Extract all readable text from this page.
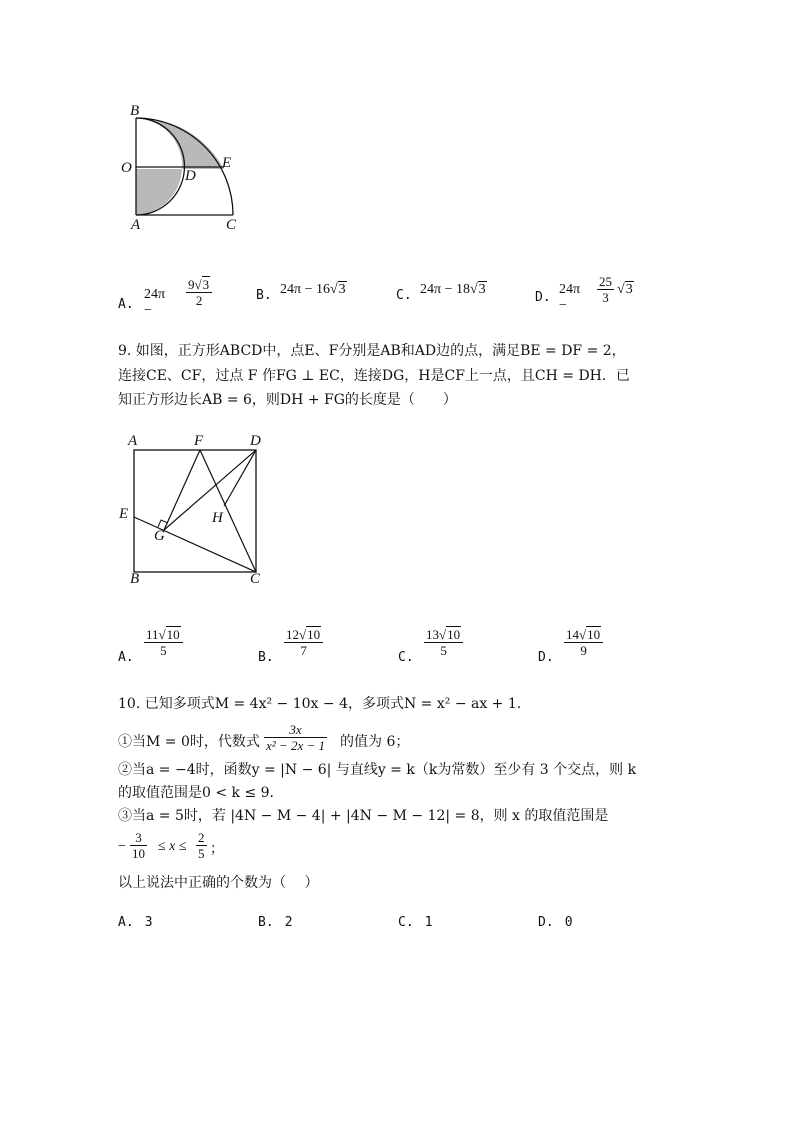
B
O
A	C
E
D
A.
24π −
$\frac{9√3}{2}$	B. 24π − 16√3	C. 24π − 18√3
D.
24π −
$\frac{25}{3} √3$
9. 如图，正方形ABCD中，点E、F分别是AB和AD边的点，满足BE = DF = 2，
连接CE、CF，过点 F 作FG ⊥ EC，连接DG，H是CF上一点，且CH = DH．已
知正方形边长AB = 6，则DH + FG的长度是（　　）
A	F	D
E	H
G
B	C
A. $\frac{11√10}{5}$	B. $\frac{12√10}{7}$	C. $\frac{13√10}{5}$	D. $\frac{14√10}{9}$
10. 已知多项式M = 4x² − 10x − 4，多项式N = x² − ax + 1.
①当M = 0时，代数式 $\frac{3x}{\text{x² − 2x − 1}}$ 的值为 6；
②当a = −4时，函数y = |N − 6| 与直线y = k（k为常数）至少有 3 个交点，则 k
的取值范围是0 < k ≤ 9．
③当a = 5时，若 |4N − M − 4| + |4N − M − 12| = 8，则 x 的取值范围是
− $\frac{3}{10} \le x \le \frac{2}{5}$ ；
以上说法中正确的个数为（　 ）
A. 3	B. 2	C. 1	D. 0
